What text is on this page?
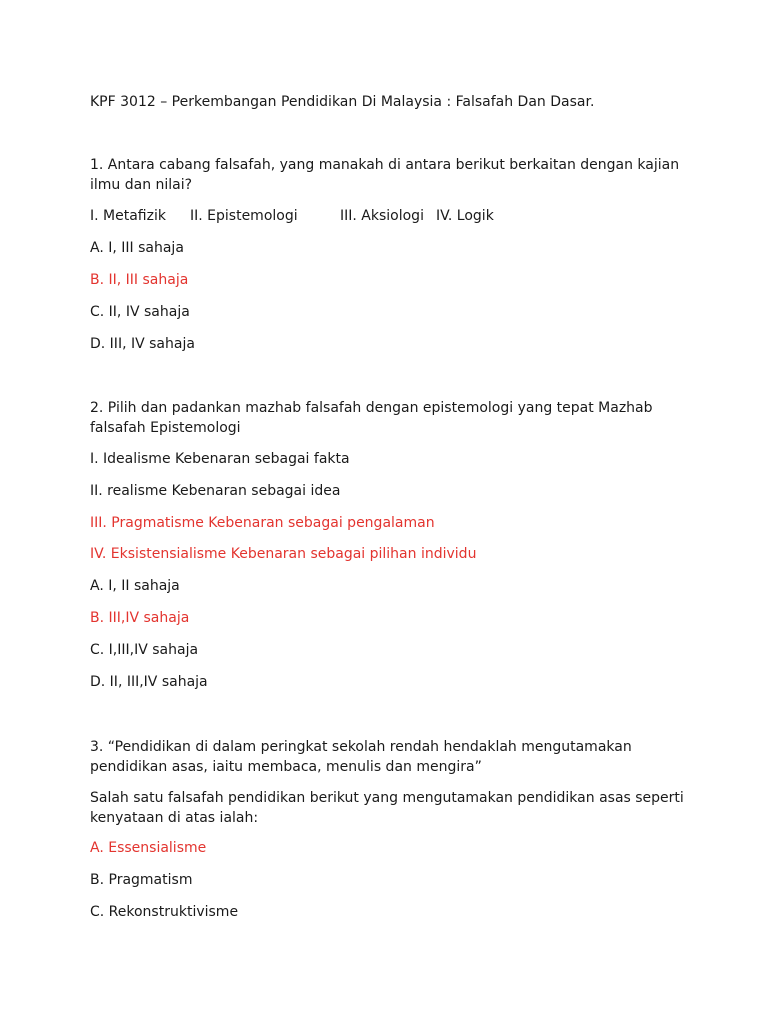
KPF 3012 – Perkembangan Pendidikan Di Malaysia : Falsafah Dan Dasar.
1. Antara cabang falsafah, yang manakah di antara berikut berkaitan dengan kajian
ilmu dan nilai?
I. Metafizik II. Epistemologi	III. Aksiologi IV. Logik
A. I, III sahaja
B. II, III sahaja
C. II, IV sahaja
D. III, IV sahaja
2. Pilih dan padankan mazhab falsafah dengan epistemologi yang tepat Mazhab
falsafah Epistemologi
I. Idealisme Kebenaran sebagai fakta
II. realisme Kebenaran sebagai idea
III. Pragmatisme Kebenaran sebagai pengalaman
IV. Eksistensialisme Kebenaran sebagai pilihan individu
A. I, II sahaja
B. III,IV sahaja
C. I,III,IV sahaja
D. II, III,IV sahaja
3. “Pendidikan di dalam peringkat sekolah rendah hendaklah mengutamakan
pendidikan asas, iaitu membaca, menulis dan mengira”
Salah satu falsafah pendidikan berikut yang mengutamakan pendidikan asas seperti
kenyataan di atas ialah:
A. Essensialisme
B. Pragmatism
C. Rekonstruktivisme
